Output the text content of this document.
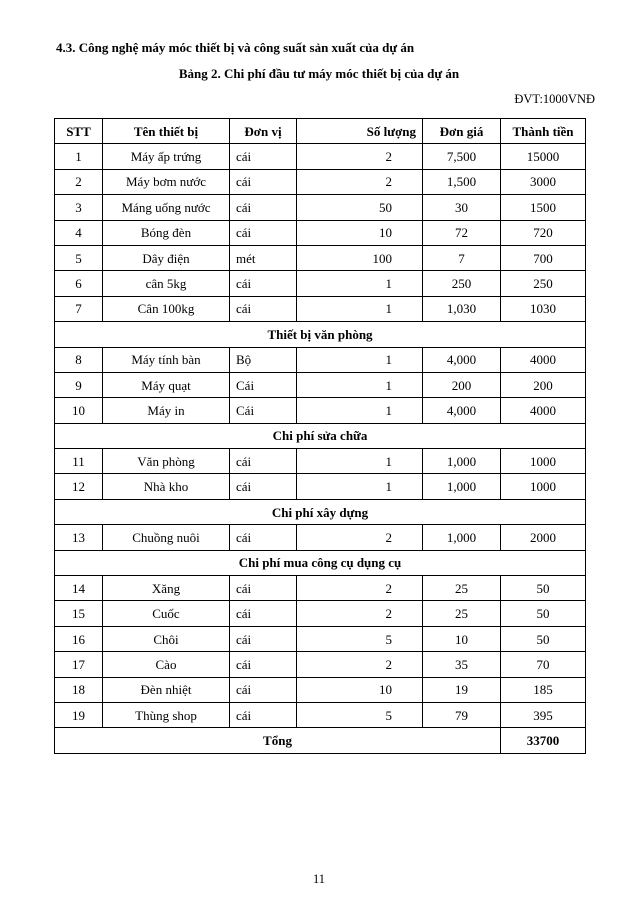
4.3. Công nghệ máy móc thiết bị và công suất sản xuất của dự án
Bảng 2. Chi phí đầu tư máy móc thiết bị của dự án
ĐVT:1000VNĐ
STT	Tên thiết bị	Đơn vị	Số lượng	Đơn giá	Thành tiền
1	Máy ấp trứng	cái	2	7,500	15000
2	Máy bơm nước	cái	2	1,500	3000
3	Máng uống nước	cái	50	30	1500
4	Bóng đèn	cái	10	72	720
5	Dây điện	mét	100	7	700
6	cân 5kg	cái	1	250	250
7	Cân 100kg	cái	1	1,030	1030
Thiết bị văn phòng					
8	Máy tính bàn	Bộ	1	4,000	4000
9	Máy quạt	Cái	1	200	200
10	Máy in	Cái	1	4,000	4000
Chi phí sửa chữa					
11	Văn phòng	cái	1	1,000	1000
12	Nhà kho	cái	1	1,000	1000
Chi phí xây dựng					
13	Chuồng nuôi	cái	2	1,000	2000
Chi phí mua công cụ dụng cụ					
14	Xăng	cái	2	25	50
15	Cuốc	cái	2	25	50
16	Chôi	cái	5	10	50
17	Cào	cái	2	35	70
18	Đèn nhiệt	cái	10	19	185
19	Thùng shop	cái	5	79	395
Tổng					33700
11
